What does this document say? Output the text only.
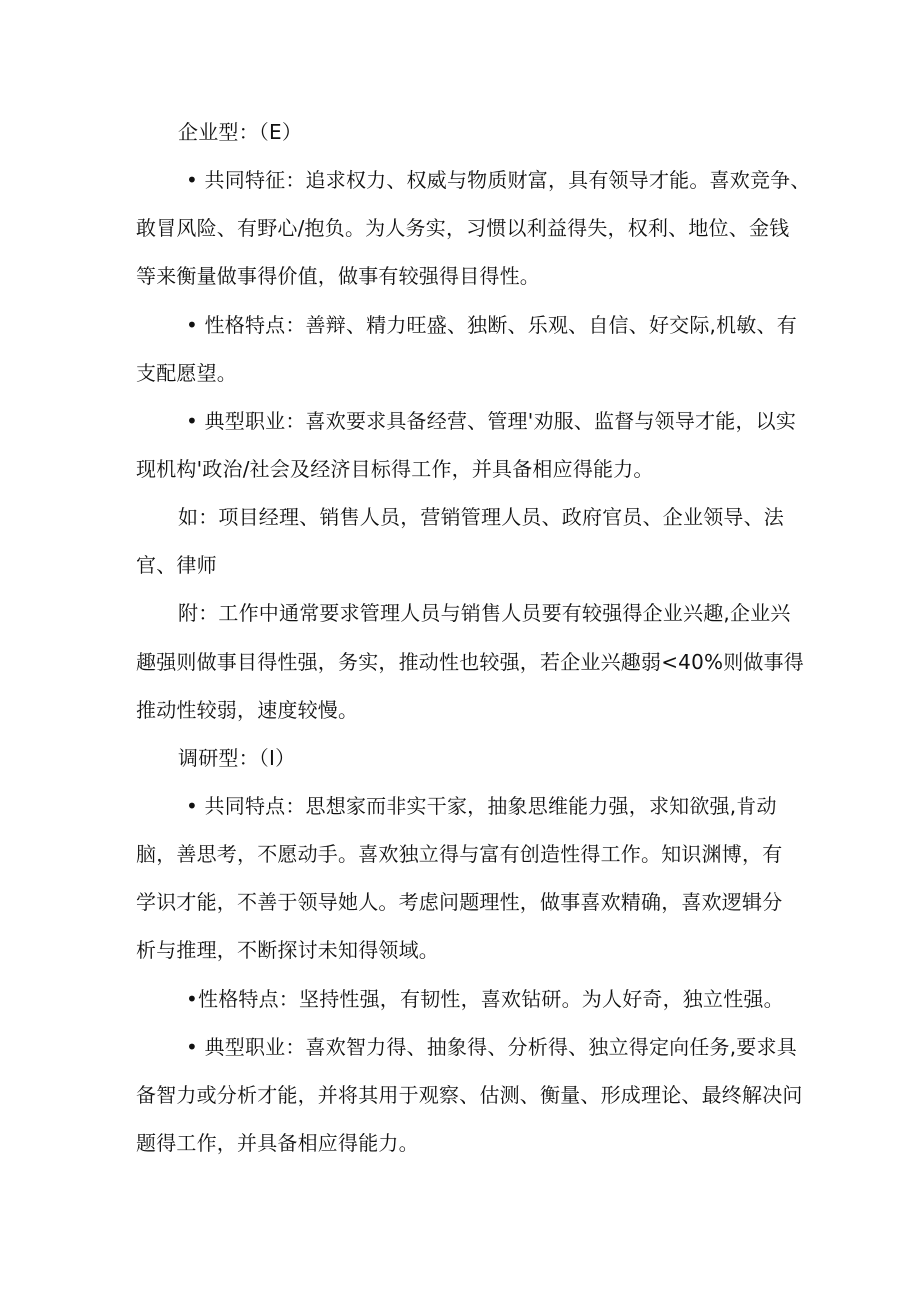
企业型：（E）
• 共同特征：追求权力、权威与物质财富，具有领导才能。喜欢竞争、
敢冒风险、有野心/抱负。为人务实，习惯以利益得失，权利、地位、金钱
等来衡量做事得价值，做事有较强得目得性。
• 性格特点：善辩、精力旺盛、独断、乐观、自信、好交际,机敏、有
支配愿望。
• 典型职业：喜欢要求具备经营、管理'劝服、监督与领导才能，以实
现机构'政治/社会及经济目标得工作，并具备相应得能力。
如：项目经理、销售人员，营销管理人员、政府官员、企业领导、法
官、律师
附：工作中通常要求管理人员与销售人员要有较强得企业兴趣,企业兴
趣强则做事目得性强，务实，推动性也较强，若企业兴趣弱<40%则做事得
推动性较弱，速度较慢。
调研型：（I）
• 共同特点：思想家而非实干家，抽象思维能力强，求知欲强,肯动
脑，善思考，不愿动手。喜欢独立得与富有创造性得工作。知识渊博，有
学识才能，不善于领导她人。考虑问题理性，做事喜欢精确，喜欢逻辑分
析与推理，不断探讨未知得领域。
•性格特点：坚持性强，有韧性，喜欢钻研。为人好奇，独立性强。
• 典型职业：喜欢智力得、抽象得、分析得、独立得定向任务,要求具
备智力或分析才能，并将其用于观察、估测、衡量、形成理论、最终解决问
题得工作，并具备相应得能力。
